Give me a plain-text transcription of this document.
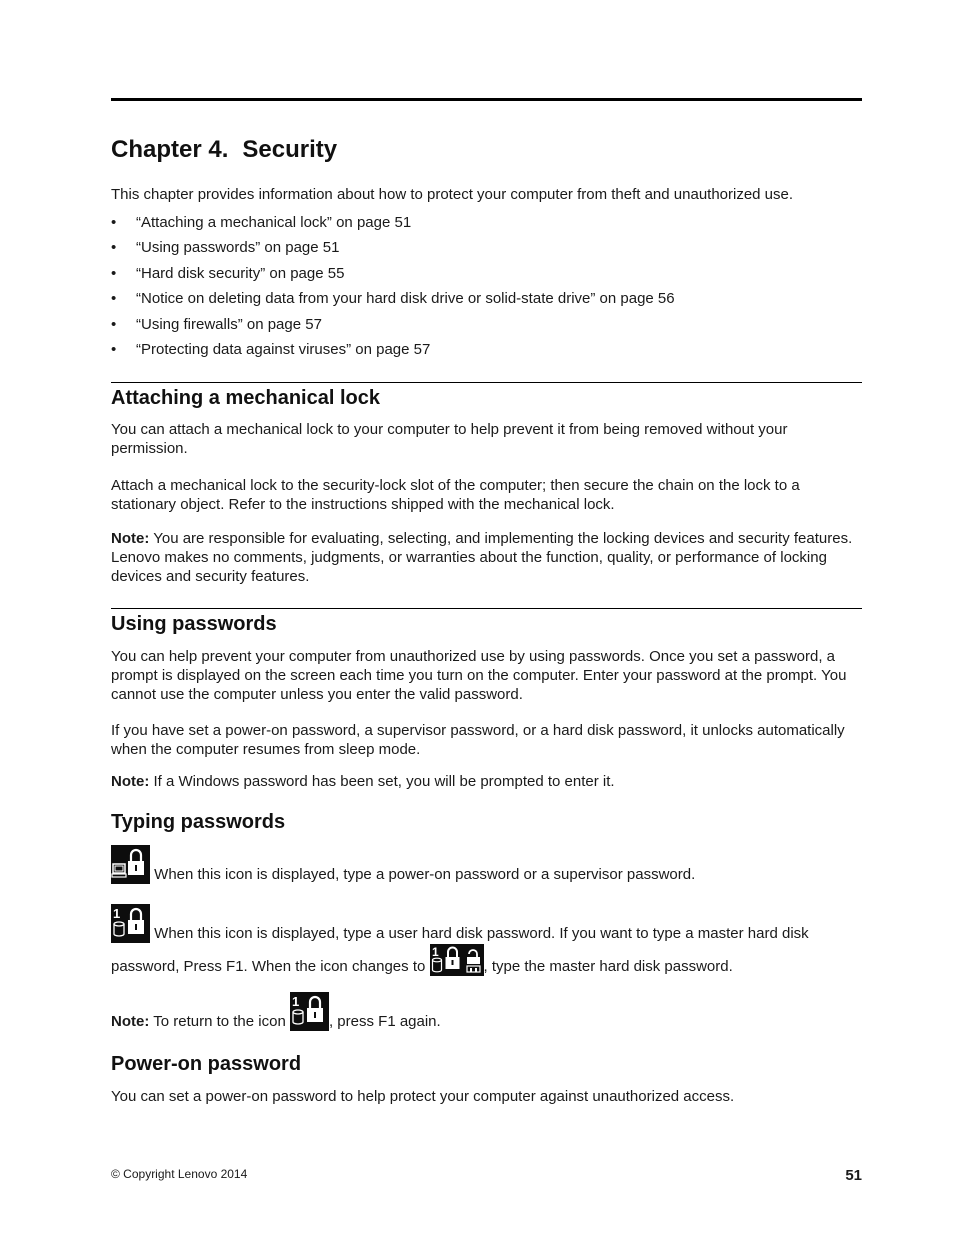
Chapter 4. Security

This chapter provides information about how to protect your computer from theft and unauthorized use.

• “Attaching a mechanical lock” on page 51
• “Using passwords” on page 51
• “Hard disk security” on page 55
• “Notice on deleting data from your hard disk drive or solid-state drive” on page 56
• “Using firewalls” on page 57
• “Protecting data against viruses” on page 57
Attaching a mechanical lock

You can attach a mechanical lock to your computer to help prevent it from being removed without your permission.

Attach a mechanical lock to the security-lock slot of the computer; then secure the chain on the lock to a stationary object. Refer to the instructions shipped with the mechanical lock.

Note: You are responsible for evaluating, selecting, and implementing the locking devices and security features. Lenovo makes no comments, judgments, or warranties about the function, quality, or performance of locking devices and security features.

Using passwords

You can help prevent your computer from unauthorized use by using passwords. Once you set a password, a prompt is displayed on the screen each time you turn on the computer. Enter your password at the prompt. You cannot use the computer unless you enter the valid password.

If you have set a power-on password, a supervisor password, or a hard disk password, it unlocks automatically when the computer resumes from sleep mode.

Note: If a Windows password has been set, you will be prompted to enter it.

Typing passwords

When this icon is displayed, type a power-on password or a supervisor password.

1
When this icon is displayed, type a user hard disk password. If you want to type a master hard disk

password, Press F1. When the icon changes to
1
, type the master hard disk password.

Note: To return to the icon
1
, press F1 again.

Power-on password

You can set a power-on password to help protect your computer against unauthorized access.

© Copyright Lenovo 2014	51
